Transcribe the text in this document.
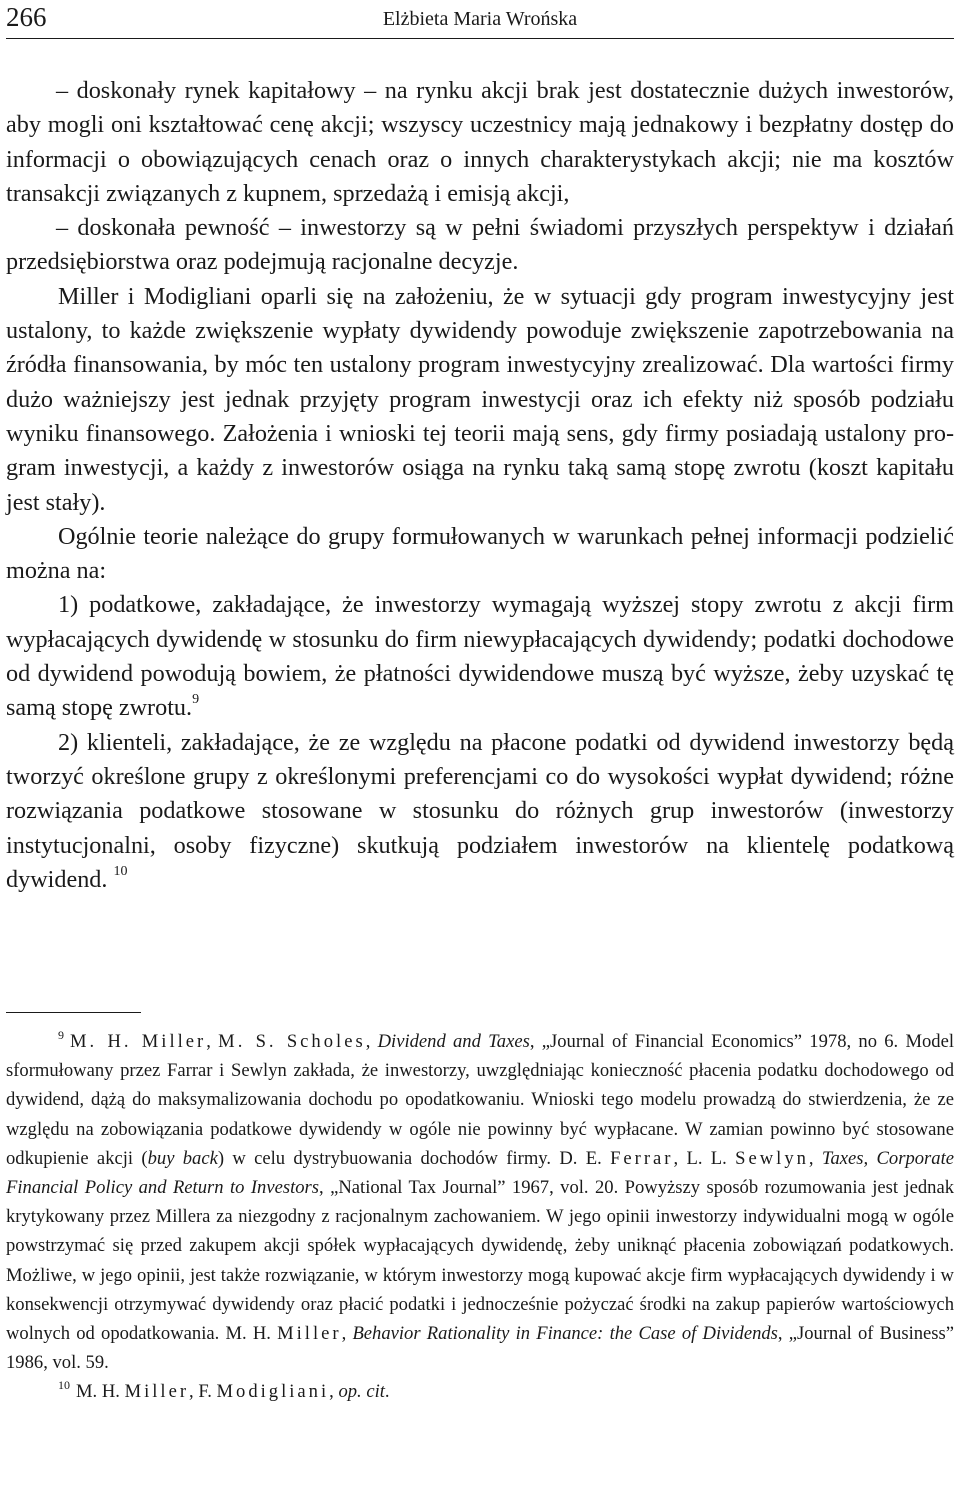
266	Elżbieta Maria Wrońska

– doskonały rynek kapitałowy – na rynku akcji brak jest dostatecznie dużych inwestorów, aby mogli oni kształtować cenę akcji; wszyscy uczestnicy mają jednakowy i bezpłatny dostęp do informacji o obowiązujących cenach oraz o innych charakterystykach akcji; nie ma kosztów transakcji związanych z kupnem, sprzedażą i emisją akcji,

– doskonała pewność – inwestorzy są w pełni świadomi przyszłych perspektyw i działań przedsiębiorstwa oraz podejmują racjonalne decyzje.

Miller i Modigliani oparli się na założeniu, że w sytuacji gdy program inwestycyjny jest ustalony, to każde zwiększenie wypłaty dywidendy powoduje zwiększenie zapotrzebowania na źródła finansowania, by móc ten ustalony program inwestycyjny zrealizować. Dla wartości firmy dużo ważniejszy jest jednak przyjęty program inwestycji oraz ich efekty niż sposób podziału wyniku finansowego. Założenia i wnioski tej teorii mają sens, gdy firmy posiadają ustalony program inwestycji, a każdy z inwestorów osiąga na rynku taką samą stopę zwrotu (koszt kapitału jest stały).

Ogólnie teorie należące do grupy formułowanych w warunkach pełnej informacji podzielić można na:

1) podatkowe, zakładające, że inwestorzy wymagają wyższej stopy zwrotu z akcji firm wypłacających dywidendę w stosunku do firm niewypłacających dywidendy; podatki dochodowe od dywidend powodują bowiem, że płatności dywidendowe muszą być wyższe, żeby uzyskać tę samą stopę zwrotu.$^9$

2) klienteli, zakładające, że ze względu na płacone podatki od dywidend inwestorzy będą tworzyć określone grupy z określonymi preferencjami co do wysokości wypłat dywidend; różne rozwiązania podatkowe stosowane w stosunku do różnych grup inwestorów (inwestorzy instytucjonalni, osoby fizyczne) skutkują podziałem inwestorów na klientelę podatkową dywidend. $^{10}$

$^9$ M. H. Miller, M. S. Scholes, Dividend and Taxes, „Journal of Financial Economics” 1978, no 6. Model sformułowany przez Farrar i Sewlyn zakłada, że inwestorzy, uwzględniając konieczność płacenia podatku dochodowego od dywidend, dążą do maksymalizowania dochodu po opodatkowaniu. Wnioski tego modelu prowadzą do stwierdzenia, że ze względu na zobowiązania podatkowe dywidendy w ogóle nie powinny być wypłacane. W zamian powinno być stosowane odkupienie akcji (buy back) w celu dystrybuowania dochodów firmy. D. E. Ferrar, L. L. Sewlyn, Taxes, Corporate Financial Policy and Return to Investors, „National Tax Journal” 1967, vol. 20. Powyższy sposób rozumowania jest jednak krytykowany przez Millera za niezgodny z racjonalnym zachowaniem. W jego opinii inwestorzy indywidualni mogą w ogóle powstrzymać się przed zakupem akcji spółek wypłacających dywidendę, żeby uniknąć płacenia zobowiązań podatkowych. Możliwe, w jego opinii, jest także rozwiązanie, w którym inwestorzy mogą kupować akcje firm wypłacających dywidendy i w konsekwencji otrzymywać dywidendy oraz płacić podatki i jednocześnie pożyczać środki na zakup papierów wartościowych wolnych od opodatkowania. M. H. Miller, Behavior Rationality in Finance: the Case of Dividends, „Journal of Business” 1986, vol. 59.

$^{10}$ M. H. Miller, F. Modigliani, op. cit.
